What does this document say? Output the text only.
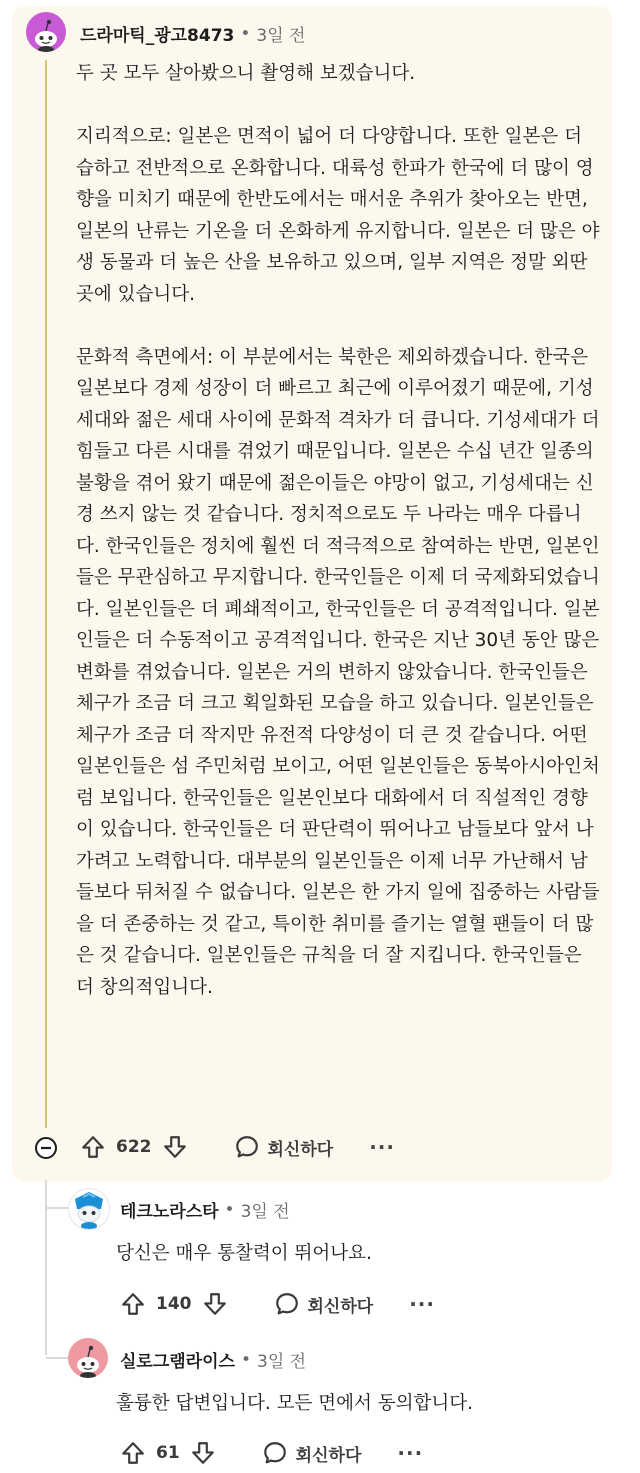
드라마틱_광고8473 • 3일 전

두 곳 모두 살아봤으니 촬영해 보겠습니다.

지리적으로: 일본은 면적이 넓어 더 다양합니다. 또한 일본은 더 습하고 전반적으로 온화합니다. 대륙성 한파가 한국에 더 많이 영향을 미치기 때문에 한반도에서는 매서운 추위가 찾아오는 반면, 일본의 난류는 기온을 더 온화하게 유지합니다. 일본은 더 많은 야생 동물과 더 높은 산을 보유하고 있으며, 일부 지역은 정말 외딴곳에 있습니다.

문화적 측면에서: 이 부분에서는 북한은 제외하겠습니다. 한국은 일본보다 경제 성장이 더 빠르고 최근에 이루어졌기 때문에, 기성세대와 젊은 세대 사이에 문화적 격차가 더 큽니다. 기성세대가 더 힘들고 다른 시대를 겪었기 때문입니다. 일본은 수십 년간 일종의 불황을 겪어 왔기 때문에 젊은이들은 야망이 없고, 기성세대는 신경 쓰지 않는 것 같습니다. 정치적으로도 두 나라는 매우 다릅니다. 한국인들은 정치에 훨씬 더 적극적으로 참여하는 반면, 일본인들은 무관심하고 무지합니다. 한국인들은 이제 더 국제화되었습니다. 일본인들은 더 폐쇄적이고, 한국인들은 더 공격적입니다. 일본인들은 더 수동적이고 공격적입니다. 한국은 지난 30년 동안 많은 변화를 겪었습니다. 일본은 거의 변하지 않았습니다. 한국인들은 체구가 조금 더 크고 획일화된 모습을 하고 있습니다. 일본인들은 체구가 조금 더 작지만 유전적 다양성이 더 큰 것 같습니다. 어떤 일본인들은 섬 주민처럼 보이고, 어떤 일본인들은 동북아시아인처럼 보입니다. 한국인들은 일본인보다 대화에서 더 직설적인 경향이 있습니다. 한국인들은 더 판단력이 뛰어나고 남들보다 앞서 나가려고 노력합니다. 대부분의 일본인들은 이제 너무 가난해서 남들보다 뒤처질 수 없습니다. 일본은 한 가지 일에 집중하는 사람들을 더 존중하는 것 같고, 특이한 취미를 즐기는 열혈 팬들이 더 많은 것 같습니다. 일본인들은 규칙을 더 잘 지킵니다. 한국인들은 더 창의적입니다.

622	회신하다 ···
테크노라스타 • 3일 전

당신은 매우 통찰력이 뛰어나요.

140	회신하다 ···
실로그램라이스 • 3일 전

훌륭한 답변입니다. 모든 면에서 동의합니다.

61	회신하다 ···
